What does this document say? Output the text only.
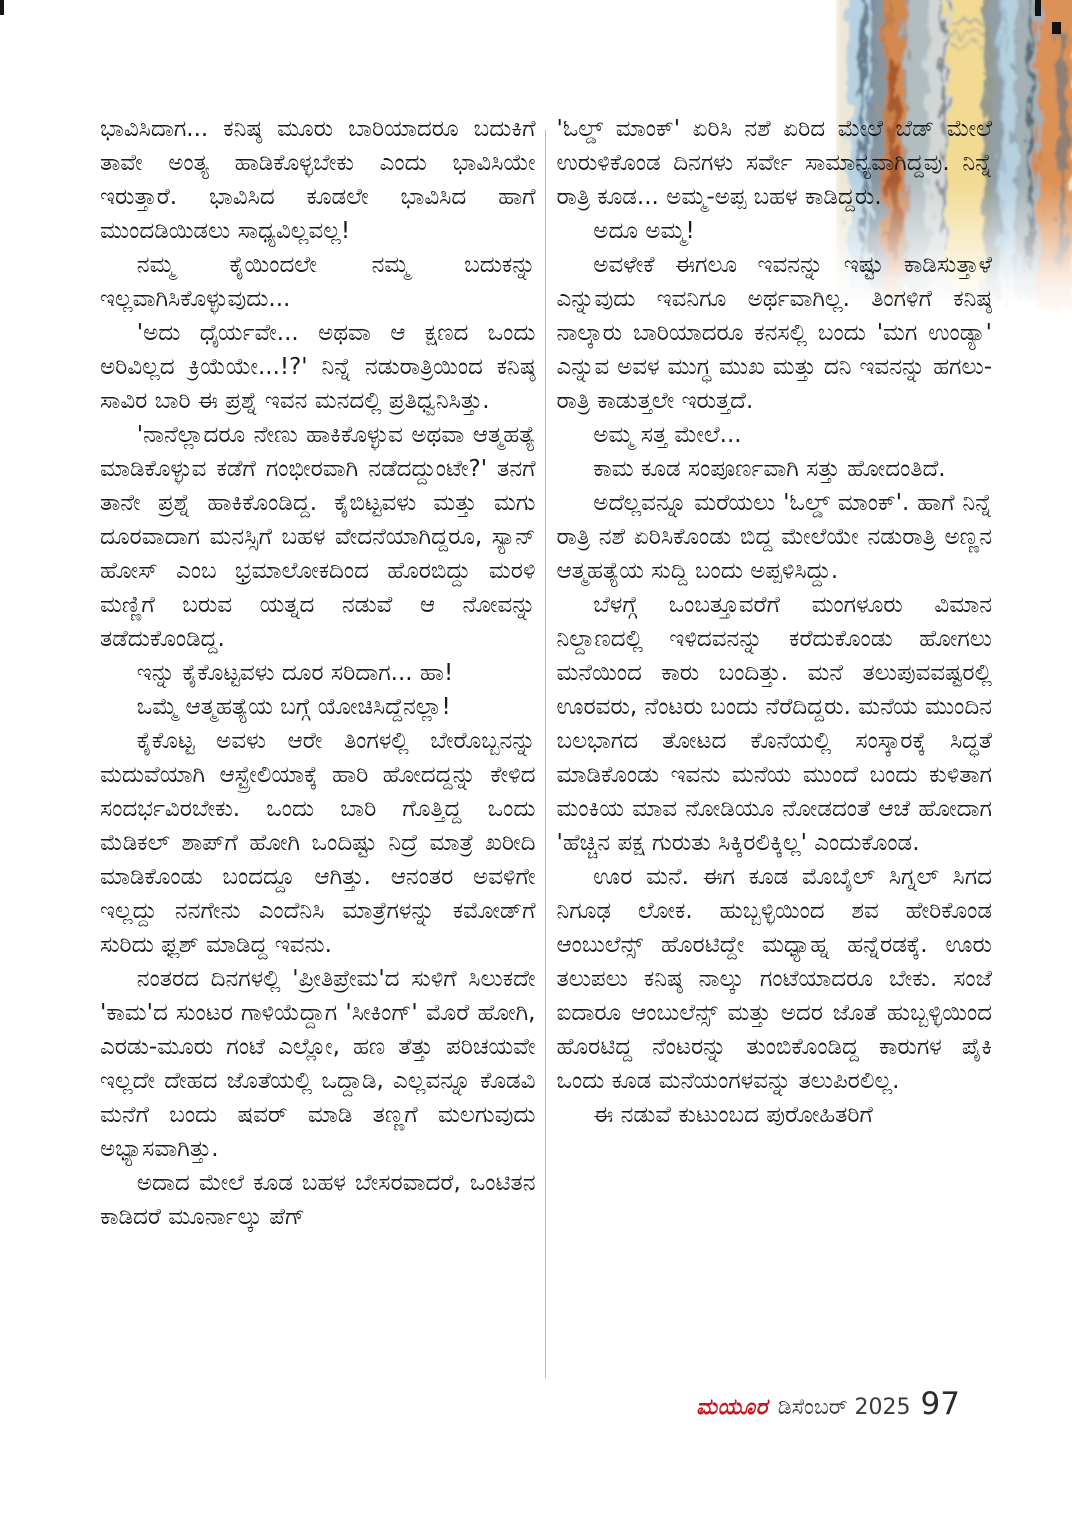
ಭಾವಿಸಿದಾಗ... ಕನಿಷ್ಠ ಮೂರು ಬಾರಿಯಾದರೂ ಬದುಕಿಗೆ ತಾವೇ ಅಂತ್ಯ ಹಾಡಿಕೊಳ್ಳಬೇಕು ಎಂದು ಭಾವಿಸಿಯೇ ಇರುತ್ತಾರೆ. ಭಾವಿಸಿದ ಕೂಡಲೇ ಭಾವಿಸಿದ ಹಾಗೆ ಮುಂದಡಿಯಿಡಲು ಸಾಧ್ಯವಿಲ್ಲವಲ್ಲ!

ನಮ್ಮ ಕೈಯಿಂದಲೇ ನಮ್ಮ ಬದುಕನ್ನು ಇಲ್ಲವಾಗಿಸಿಕೊಳ್ಳುವುದು...

'ಅದು ಧೈರ್ಯವೇ... ಅಥವಾ ಆ ಕ್ಷಣದ ಒಂದು ಅರಿವಿಲ್ಲದ ಕ್ರಿಯೆಯೇ...!?' ನಿನ್ನೆ ನಡುರಾತ್ರಿಯಿಂದ ಕನಿಷ್ಠ ಸಾವಿರ ಬಾರಿ ಈ ಪ್ರಶ್ನೆ ಇವನ ಮನದಲ್ಲಿ ಪ್ರತಿಧ್ವನಿಸಿತ್ತು.

'ನಾನೆಲ್ಲಾದರೂ ನೇಣು ಹಾಕಿಕೊಳ್ಳುವ ಅಥವಾ ಆತ್ಮಹತ್ಯೆ ಮಾಡಿಕೊಳ್ಳುವ ಕಡೆಗೆ ಗಂಭೀರವಾಗಿ ನಡೆದದ್ದುಂಟೇ?' ತನಗೆ ತಾನೇ ಪ್ರಶ್ನೆ ಹಾಕಿಕೊಂಡಿದ್ದ. ಕೈಬಿಟ್ಟವಳು ಮತ್ತು ಮಗು ದೂರವಾದಾಗ ಮನಸ್ಸಿಗೆ ಬಹಳ ವೇದನೆಯಾಗಿದ್ದರೂ, ಸ್ಯಾನ್ ಹೋಸ್ ಎಂಬ ಭ್ರಮಾಲೋಕದಿಂದ ಹೊರಬಿದ್ದು ಮರಳಿ ಮಣ್ಣಿಗೆ ಬರುವ ಯತ್ನದ ನಡುವೆ ಆ ನೋವನ್ನು ತಡೆದುಕೊಂಡಿದ್ದ.

ಇನ್ನು ಕೈಕೊಟ್ಟವಳು ದೂರ ಸರಿದಾಗ... ಹಾ!

ಒಮ್ಮೆ ಆತ್ಮಹತ್ಯೆಯ ಬಗ್ಗೆ ಯೋಚಿಸಿದ್ದೆನಲ್ಲಾ!

ಕೈಕೊಟ್ಟ ಅವಳು ಆರೇ ತಿಂಗಳಲ್ಲಿ ಬೇರೊಬ್ಬನನ್ನು ಮದುವೆಯಾಗಿ ಆಸ್ಟ್ರೇಲಿಯಾಕ್ಕೆ ಹಾರಿ ಹೋದದ್ದನ್ನು ಕೇಳಿದ ಸಂದರ್ಭವಿರಬೇಕು. ಒಂದು ಬಾರಿ ಗೊತ್ತಿದ್ದ ಒಂದು ಮೆಡಿಕಲ್ ಶಾಪ್‌ಗೆ ಹೋಗಿ ಒಂದಿಷ್ಟು ನಿದ್ರೆ ಮಾತ್ರೆ ಖರೀದಿ ಮಾಡಿಕೊಂಡು ಬಂದದ್ದೂ ಆಗಿತ್ತು. ಆನಂತರ ಅವಳಿಗೇ ಇಲ್ಲದ್ದು ನನಗೇನು ಎಂದೆನಿಸಿ ಮಾತ್ರೆಗಳನ್ನು ಕಮೋಡ್‌ಗೆ ಸುರಿದು ಫ್ಲಶ್ ಮಾಡಿದ್ದ ಇವನು.

ನಂತರದ ದಿನಗಳಲ್ಲಿ 'ಪ್ರೀತಿಪ್ರೇಮ'ದ ಸುಳಿಗೆ ಸಿಲುಕದೇ 'ಕಾಮ'ದ ಸುಂಟರ ಗಾಳಿಯೆದ್ದಾಗ 'ಸೀಕಿಂಗ್' ಮೊರೆ ಹೋಗಿ, ಎರಡು-ಮೂರು ಗಂಟೆ ಎಲ್ಲೋ, ಹಣ ತೆತ್ತು ಪರಿಚಯವೇ ಇಲ್ಲದೇ ದೇಹದ ಜೊತೆಯಲ್ಲಿ ಒದ್ದಾಡಿ, ಎಲ್ಲವನ್ನೂ ಕೊಡವಿ ಮನೆಗೆ ಬಂದು ಷವರ್ ಮಾಡಿ ತಣ್ಣಗೆ ಮಲಗುವುದು ಅಭ್ಯಾಸವಾಗಿತ್ತು.

ಅದಾದ ಮೇಲೆ ಕೂಡ ಬಹಳ ಬೇಸರವಾದರೆ, ಒಂಟಿತನ ಕಾಡಿದರೆ ಮೂರ್ನಾಲ್ಕು ಪೆಗ್

'ಓಲ್ಡ್ ಮಾಂಕ್' ಏರಿಸಿ ನಶೆ ಏರಿದ ಮೇಲೆ ಬೆಡ್ ಮೇಲೆ ಉರುಳಿಕೊಂಡ ದಿನಗಳು ಸರ್ವೇ ಸಾಮಾನ್ಯವಾಗಿದ್ದವು. ನಿನ್ನೆ ರಾತ್ರಿ ಕೂಡ... ಅಮ್ಮ-ಅಪ್ಪ ಬಹಳ ಕಾಡಿದ್ದರು.

ಅದೂ ಅಮ್ಮ!

ಅವಳೇಕೆ ಈಗಲೂ ಇವನನ್ನು ಇಷ್ಟು ಕಾಡಿಸುತ್ತಾಳೆ ಎನ್ನುವುದು ಇವನಿಗೂ ಅರ್ಥವಾಗಿಲ್ಲ. ತಿಂಗಳಿಗೆ ಕನಿಷ್ಠ ನಾಲ್ಕಾರು ಬಾರಿಯಾದರೂ ಕನಸಲ್ಲಿ ಬಂದು 'ಮಗ ಉಂಡ್ಯಾ' ಎನ್ನುವ ಅವಳ ಮುಗ್ಧ ಮುಖ ಮತ್ತು ದನಿ ಇವನನ್ನು ಹಗಲು- ರಾತ್ರಿ ಕಾಡುತ್ತಲೇ ಇರುತ್ತದೆ.

ಅಮ್ಮ ಸತ್ತ ಮೇಲೆ...

ಕಾಮ ಕೂಡ ಸಂಪೂರ್ಣವಾಗಿ ಸತ್ತು ಹೋದಂತಿದೆ.

ಅದೆಲ್ಲವನ್ನೂ ಮರೆಯಲು 'ಓಲ್ಡ್ ಮಾಂಕ್'. ಹಾಗೆ ನಿನ್ನೆ ರಾತ್ರಿ ನಶೆ ಏರಿಸಿಕೊಂಡು ಬಿದ್ದ ಮೇಲೆಯೇ ನಡುರಾತ್ರಿ ಅಣ್ಣನ ಆತ್ಮಹತ್ಯೆಯ ಸುದ್ದಿ ಬಂದು ಅಪ್ಪಳಿಸಿದ್ದು.

ಬೆಳಗ್ಗೆ ಒಂಬತ್ತೂವರೆಗೆ ಮಂಗಳೂರು ವಿಮಾನ ನಿಲ್ದಾಣದಲ್ಲಿ ಇಳಿದವನನ್ನು ಕರೆದುಕೊಂಡು ಹೋಗಲು ಮನೆಯಿಂದ ಕಾರು ಬಂದಿತ್ತು. ಮನೆ ತಲುಪುವವಷ್ಟರಲ್ಲಿ ಊರವರು, ನೆಂಟರು ಬಂದು ನೆರೆದಿದ್ದರು. ಮನೆಯ ಮುಂದಿನ ಬಲಭಾಗದ ತೋಟದ ಕೊನೆಯಲ್ಲಿ ಸಂಸ್ಕಾರಕ್ಕೆ ಸಿದ್ಧತೆ ಮಾಡಿಕೊಂಡು ಇವನು ಮನೆಯ ಮುಂದೆ ಬಂದು ಕುಳಿತಾಗ ಮಂಕಿಯ ಮಾವ ನೋಡಿಯೂ ನೋಡದಂತೆ ಆಚೆ ಹೋದಾಗ 'ಹೆಚ್ಚಿನ ಪಕ್ಷ ಗುರುತು ಸಿಕ್ಕಿರಲಿಕ್ಕಿಲ್ಲ' ಎಂದುಕೊಂಡ.

ಊರ ಮನೆ. ಈಗ ಕೂಡ ಮೊಬೈಲ್ ಸಿಗ್ನಲ್ ಸಿಗದ ನಿಗೂಢ ಲೋಕ. ಹುಬ್ಬಳ್ಳಿಯಿಂದ ಶವ ಹೇರಿಕೊಂಡ ಆಂಬುಲೆನ್ಸ್ ಹೊರಟಿದ್ದೇ ಮಧ್ಯಾಹ್ನ ಹನ್ನೆರಡಕ್ಕೆ. ಊರು ತಲುಪಲು ಕನಿಷ್ಠ ನಾಲ್ಕು ಗಂಟೆಯಾದರೂ ಬೇಕು. ಸಂಜೆ ಐದಾರೂ ಆಂಬುಲೆನ್ಸ್ ಮತ್ತು ಅದರ ಜೊತೆ ಹುಬ್ಬಳ್ಳಿಯಿಂದ ಹೊರಟಿದ್ದ ನೆಂಟರನ್ನು ತುಂಬಿಕೊಂಡಿದ್ದ ಕಾರುಗಳ ಪೈಕಿ ಒಂದು ಕೂಡ ಮನೆಯಂಗಳವನ್ನು ತಲುಪಿರಲಿಲ್ಲ.

ಈ ನಡುವೆ ಕುಟುಂಬದ ಪುರೋಹಿತರಿಗೆ

ಮಯೂರ ಡಿಸೆಂಬರ್ 2025 97
